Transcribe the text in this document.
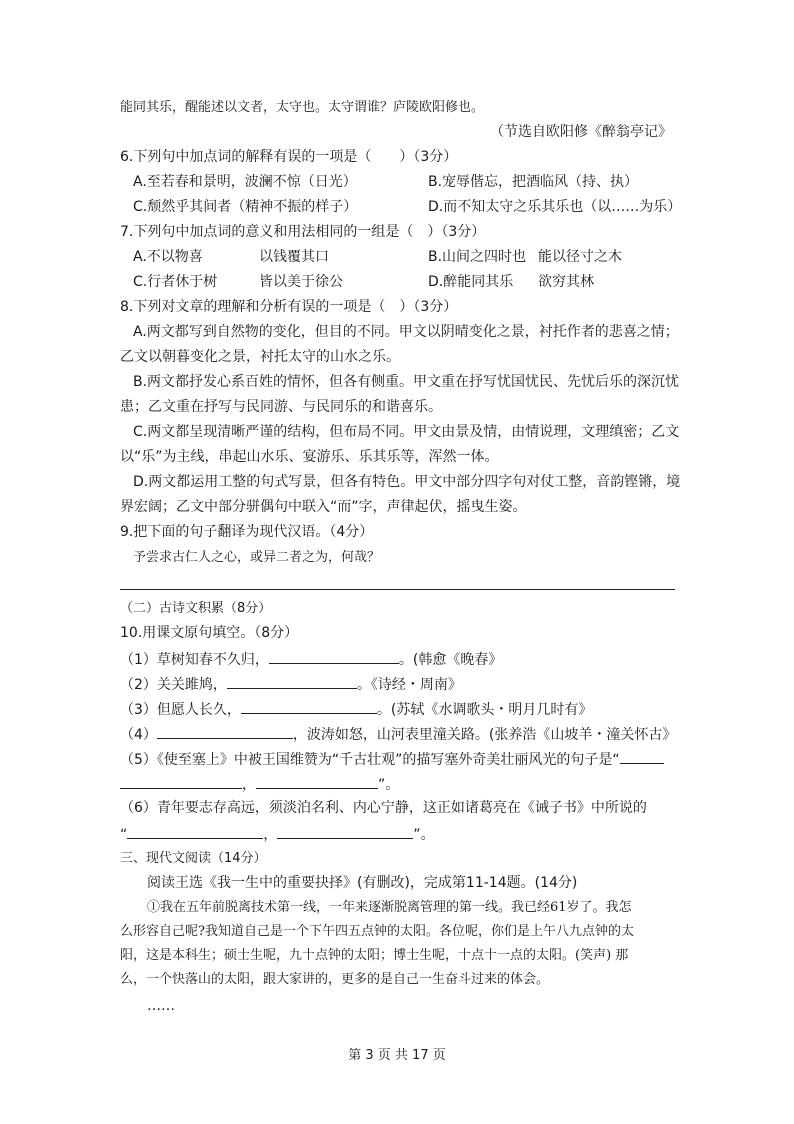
能同其乐，醒能述以文者，太守也。太守谓谁？庐陵欧阳修也。
（节选自欧阳修《醉翁亭记》
6.下列句中加点词的解释有误的一项是（　　）（3分）
A.至若春和景明，波澜不惊（日光）	B.宠辱偕忘，把酒临风（持、执）
C.颓然乎其间者（精神不振的样子）	D.而不知太守之乐其乐也（以……为乐）
7.下列句中加点词的意义和用法相同的一组是（　）（3分）
A.不以物喜	以钱覆其口	B.山间之四时也 能以径寸之木
C.行者休于树	皆以美于徐公	D.醉能同其乐 欲穷其林
8.下列对文章的理解和分析有误的一项是（　）（3分）
A.两文都写到自然物的变化，但目的不同。甲文以阴晴变化之景，衬托作者的悲喜之情；
乙文以朝暮变化之景，衬托太守的山水之乐。
B.两文都抒发心系百姓的情怀，但各有侧重。甲文重在抒写忧国忧民、先忧后乐的深沉忧
患；乙文重在抒写与民同游、与民同乐的和谐喜乐。
C.两文都呈现清晰严谨的结构，但布局不同。甲文由景及情，由情说理，文理缜密；乙文
以“乐”为主线，串起山水乐、宴游乐、乐其乐等，浑然一体。
D.两文都运用工整的句式写景，但各有特色。甲文中部分四字句对仗工整，音韵铿锵，境
界宏阔；乙文中部分骈偶句中联入“而”字，声律起伏，摇曳生姿。
9.把下面的句子翻译为现代汉语。（4分）
予尝求古仁人之心，或异二者之为，何哉？
（二）古诗文积累（8分）
10.用课文原句填空。（8分）
（1）草树知春不久归，	。(韩愈《晚春》
（2）关关雎鸠，	。《诗经・周南》
（3）但愿人长久，	。(苏轼《水调歌头・明月几时有》
（4）	，波涛如怒，山河表里潼关路。(张养浩《山坡羊・潼关怀古》
（5）《使至塞上》中被王国维赞为“千古壮观”的描写塞外奇美壮丽风光的句子是“
，	”。
（6）青年要志存高远，须淡泊名利、内心宁静，这正如诸葛亮在《诫子书》中所说的
“	，	”。
三、现代文阅读（14分）
阅读王选《我一生中的重要抉择》(有删改)，完成第11-14题。(14分)
①我在五年前脱离技术第一线，一年来逐渐脱离管理的第一线。我已经61岁了。我怎
么形容自己呢?我知道自己是一个下午四五点钟的太阳。各位呢，你们是上午八九点钟的太
阳，这是本科生；硕士生呢，九十点钟的太阳；博士生呢，十点十一点的太阳。(笑声) 那
么，一个快落山的太阳，跟大家讲的，更多的是自己一生奋斗过来的体会。
……
第 3 页 共 17 页
